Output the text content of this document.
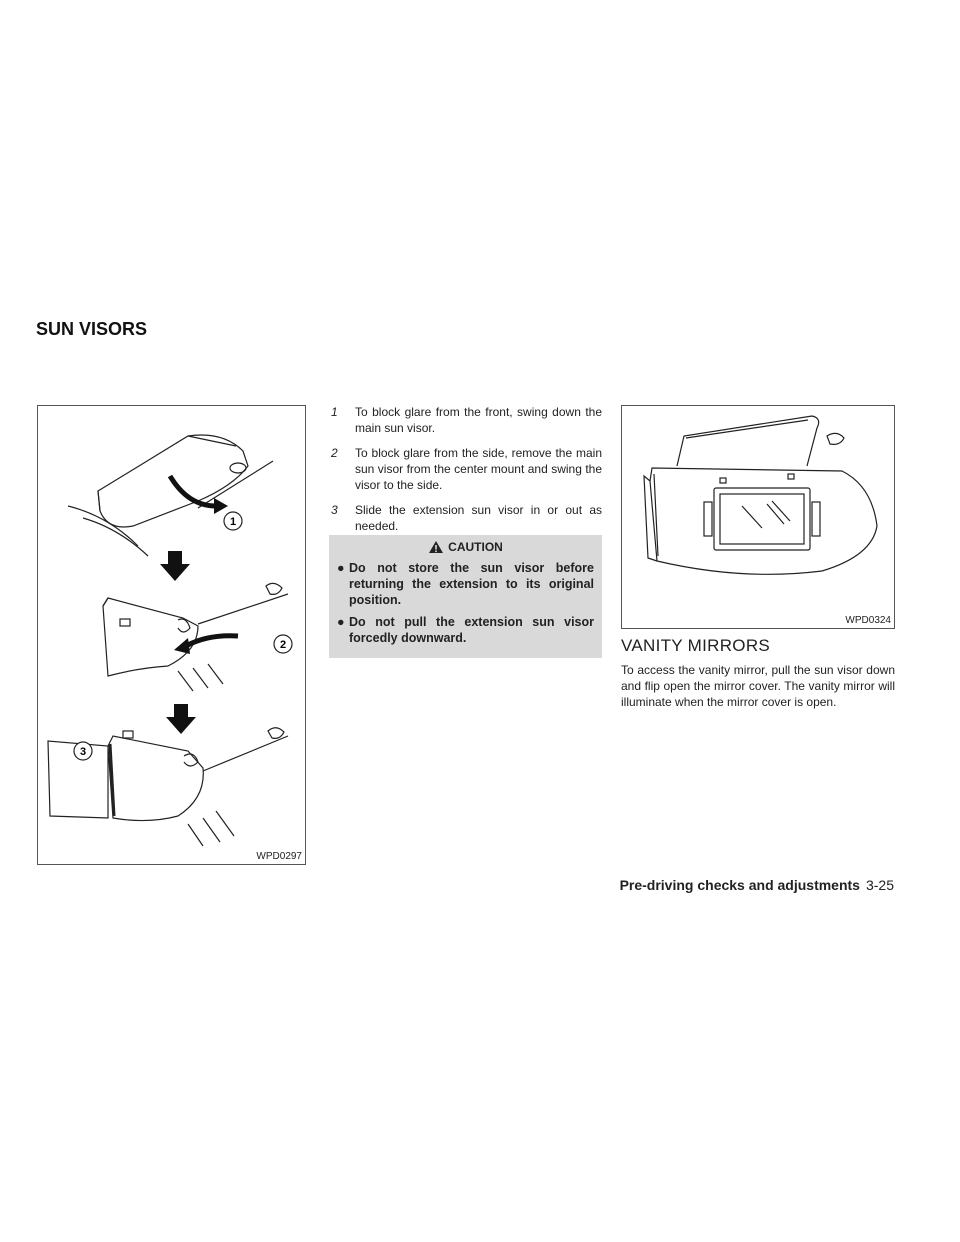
SUN VISORS
1
2
3
WPD0297
1 To block glare from the front, swing down the main sun visor.
2 To block glare from the side, remove the main sun visor from the center mount and swing the visor to the side.
3 Slide the extension sun visor in or out as needed.
CAUTION
● Do not store the sun visor before returning the extension to its original position.
● Do not pull the extension sun visor forcedly downward.
WPD0324
VANITY MIRRORS

To access the vanity mirror, pull the sun visor down and flip open the mirror cover. The vanity mirror will illuminate when the mirror cover is open.

Pre-driving checks and adjustments 3-25
